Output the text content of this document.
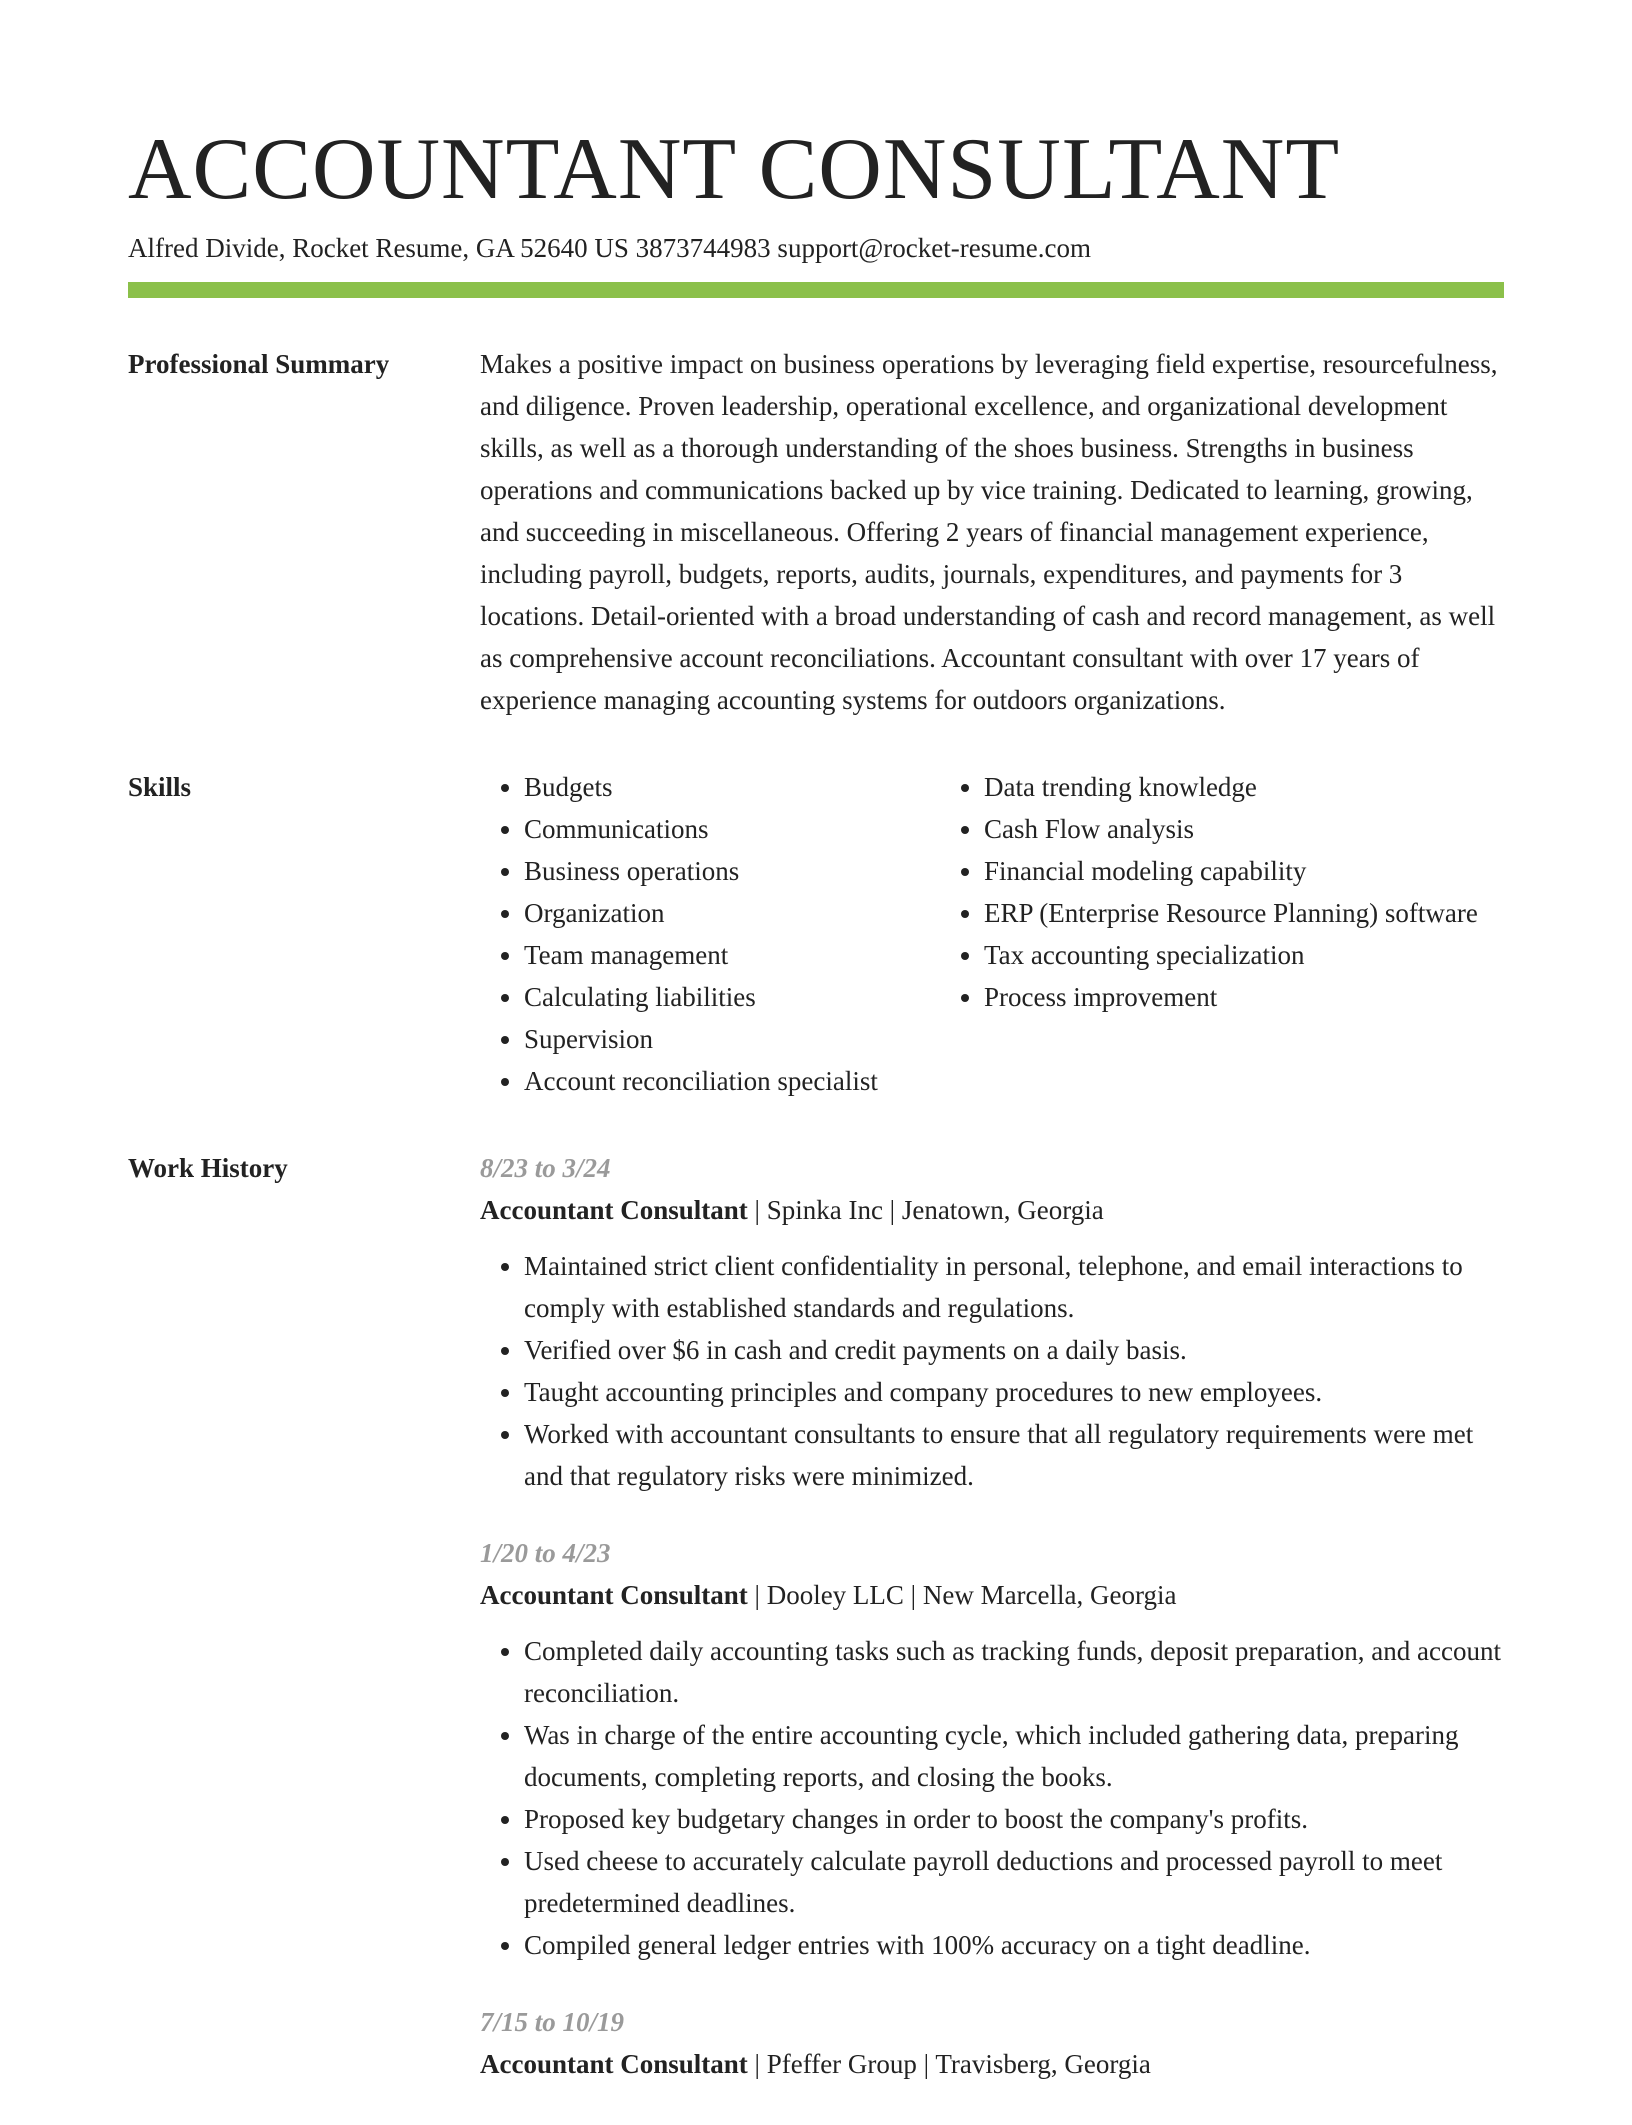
ACCOUNTANT CONSULTANT
Alfred Divide, Rocket Resume, GA 52640 US 3873744983 support@rocket-resume.com
Professional Summary	Makes a positive impact on business operations by leveraging field expertise, resourcefulness, and diligence. Proven leadership, operational excellence, and organizational development skills, as well as a thorough understanding of the shoes business. Strengths in business operations and communications backed up by vice training. Dedicated to learning, growing, and succeeding in miscellaneous. Offering 2 years of financial management experience, including payroll, budgets, reports, audits, journals, expenditures, and payments for 3 locations. Detail-oriented with a broad understanding of cash and record management, as well as comprehensive account reconciliations. Accountant consultant with over 17 years of experience managing accounting systems for outdoors organizations.

Skills
•	Budgets
• Communications
• Business operations
• Organization
• Team management
• Calculating liabilities
• Supervision
• Account reconciliation specialist
• Data trending knowledge
• Cash Flow analysis
• Financial modeling capability
• ERP (Enterprise Resource Planning) software
• Tax accounting specialization
• Process improvement
Work History	8/23 to 3/24
Accountant Consultant | Spinka Inc | Jenatown, Georgia
• Maintained strict client confidentiality in personal, telephone, and email interactions to comply with established standards and regulations.
• Verified over $6 in cash and credit payments on a daily basis.
• Taught accounting principles and company procedures to new employees.
• Worked with accountant consultants to ensure that all regulatory requirements were met and that regulatory risks were minimized.
1/20 to 4/23
Accountant Consultant | Dooley LLC | New Marcella, Georgia
• Completed daily accounting tasks such as tracking funds, deposit preparation, and account reconciliation.
• Was in charge of the entire accounting cycle, which included gathering data, preparing documents, completing reports, and closing the books.
• Proposed key budgetary changes in order to boost the company's profits.
• Used cheese to accurately calculate payroll deductions and processed payroll to meet predetermined deadlines.
• Compiled general ledger entries with 100% accuracy on a tight deadline.
7/15 to 10/19
Accountant Consultant | Pfeffer Group | Travisberg, Georgia
